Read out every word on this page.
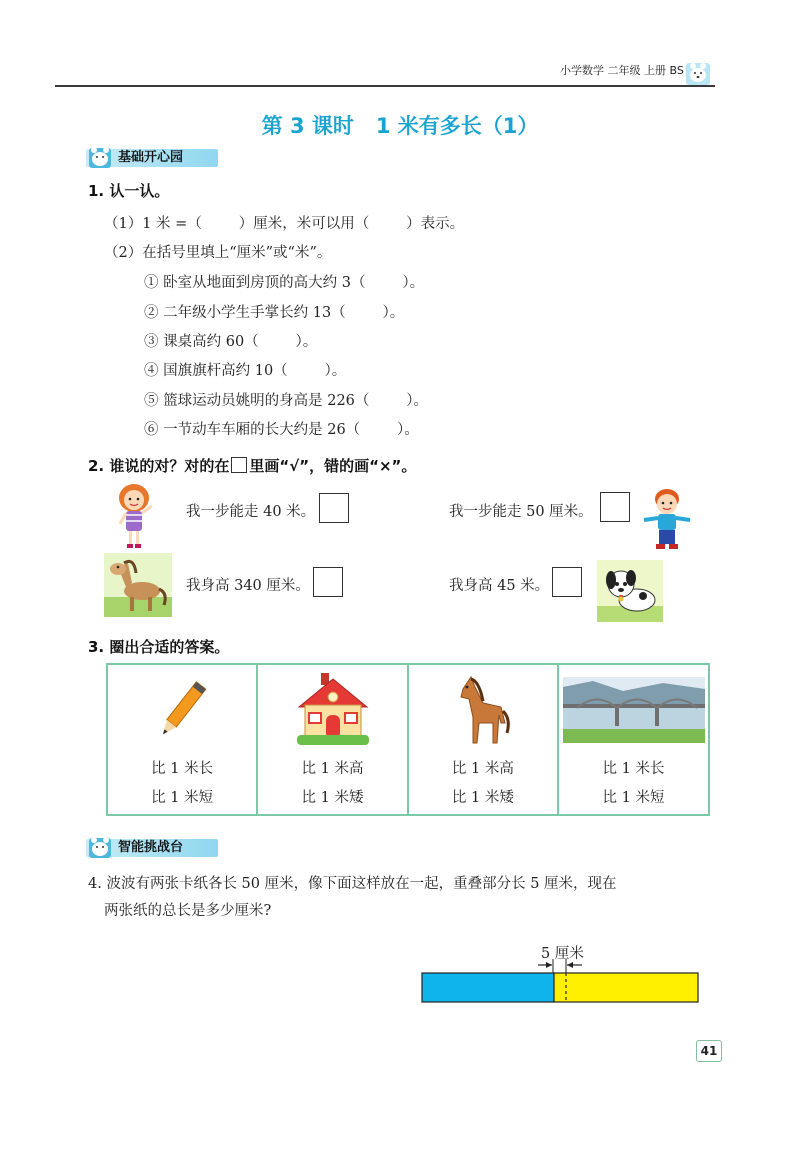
小学数学 二年级 上册 BS
第 3 课时 1 米有多长（1）
基础开心园
1. 认一认。
（1）1 米 =（        ）厘米，米可以用（        ）表示。
（2）在括号里填上“厘米”或“米”。
① 卧室从地面到房顶的高大约 3（        ）。
② 二年级小学生手掌长约 13（        ）。
③ 课桌高约 60（        ）。
④ 国旗旗杆高约 10（        ）。
⑤ 篮球运动员姚明的身高是 226（        ）。
⑥ 一节动车车厢的长大约是 26（        ）。
2. 谁说的对？对的在 里画“√”，错的画“×”。
我一步能走 40 米。	我一步能走 50 厘米。
我身高 340 厘米。	我身高 45 米。
3. 圈出合适的答案。
比 1 米长
比 1 米短

比 1 米高
比 1 米矮

比 1 米高
比 1 米矮

比 1 米长
比 1 米短
智能挑战台
4. 波波有两张卡纸各长 50 厘米，像下面这样放在一起，重叠部分长 5 厘米，现在
两张纸的总长是多少厘米?
5 厘米
41
